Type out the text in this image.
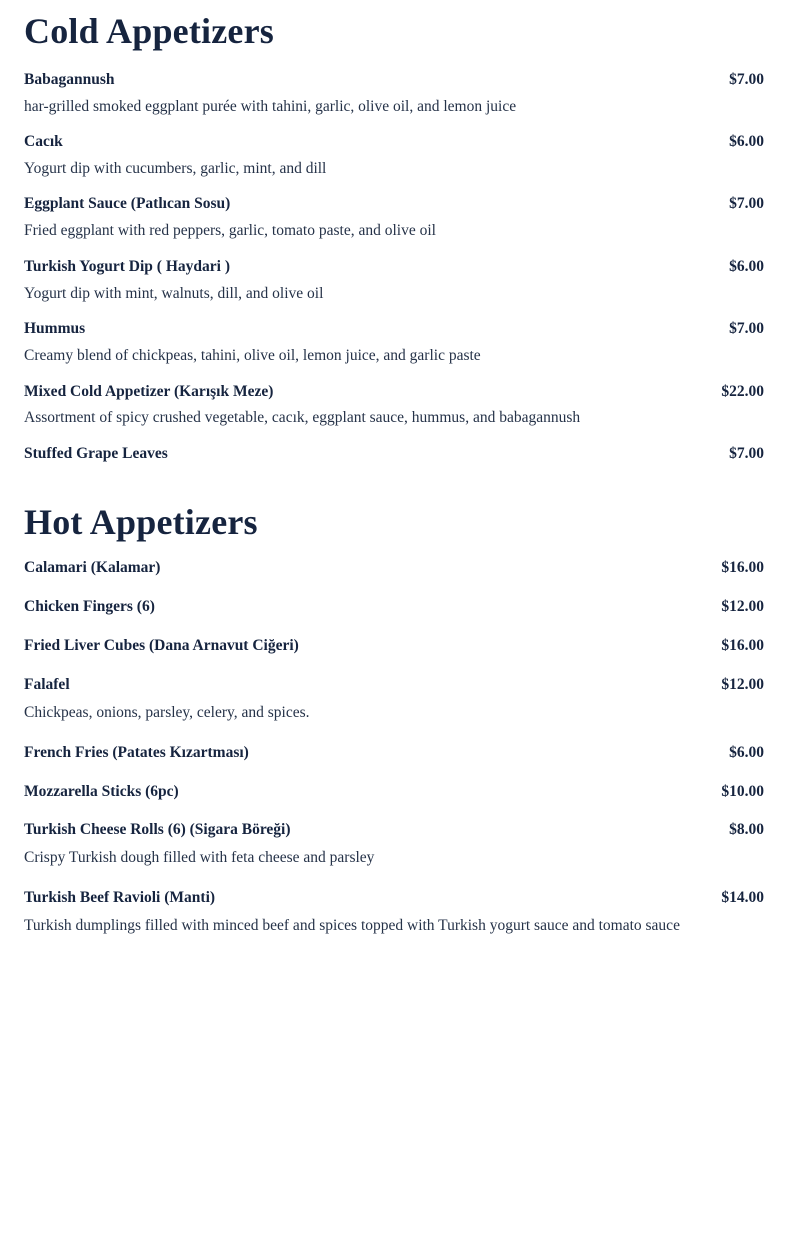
Cold Appetizers
Babagannush	$7.00
har-grilled smoked eggplant purée with tahini, garlic, olive oil, and lemon juice
Cacık	$6.00
Yogurt dip with cucumbers, garlic, mint, and dill
Eggplant Sauce (Patlıcan Sosu)	$7.00
Fried eggplant with red peppers, garlic, tomato paste, and olive oil
Turkish Yogurt Dip ( Haydari )	$6.00
Yogurt dip with mint, walnuts, dill, and olive oil
Hummus	$7.00
Creamy blend of chickpeas, tahini, olive oil, lemon juice, and garlic paste
Mixed Cold Appetizer (Karışık Meze)	$22.00
Assortment of spicy crushed vegetable, cacık, eggplant sauce, hummus, and babagannush
Stuffed Grape Leaves	$7.00
Hot Appetizers
Calamari (Kalamar)	$16.00
Chicken Fingers (6)	$12.00
Fried Liver Cubes (Dana Arnavut Ciğeri)	$16.00
Falafel	$12.00
Chickpeas, onions, parsley, celery, and spices.
French Fries (Patates Kızartması)	$6.00
Mozzarella Sticks (6pc)	$10.00
Turkish Cheese Rolls (6) (Sigara Böreği)	$8.00
Crispy Turkish dough filled with feta cheese and parsley
Turkish Beef Ravioli (Manti)	$14.00
Turkish dumplings filled with minced beef and spices topped with Turkish yogurt sauce and tomato sauce
